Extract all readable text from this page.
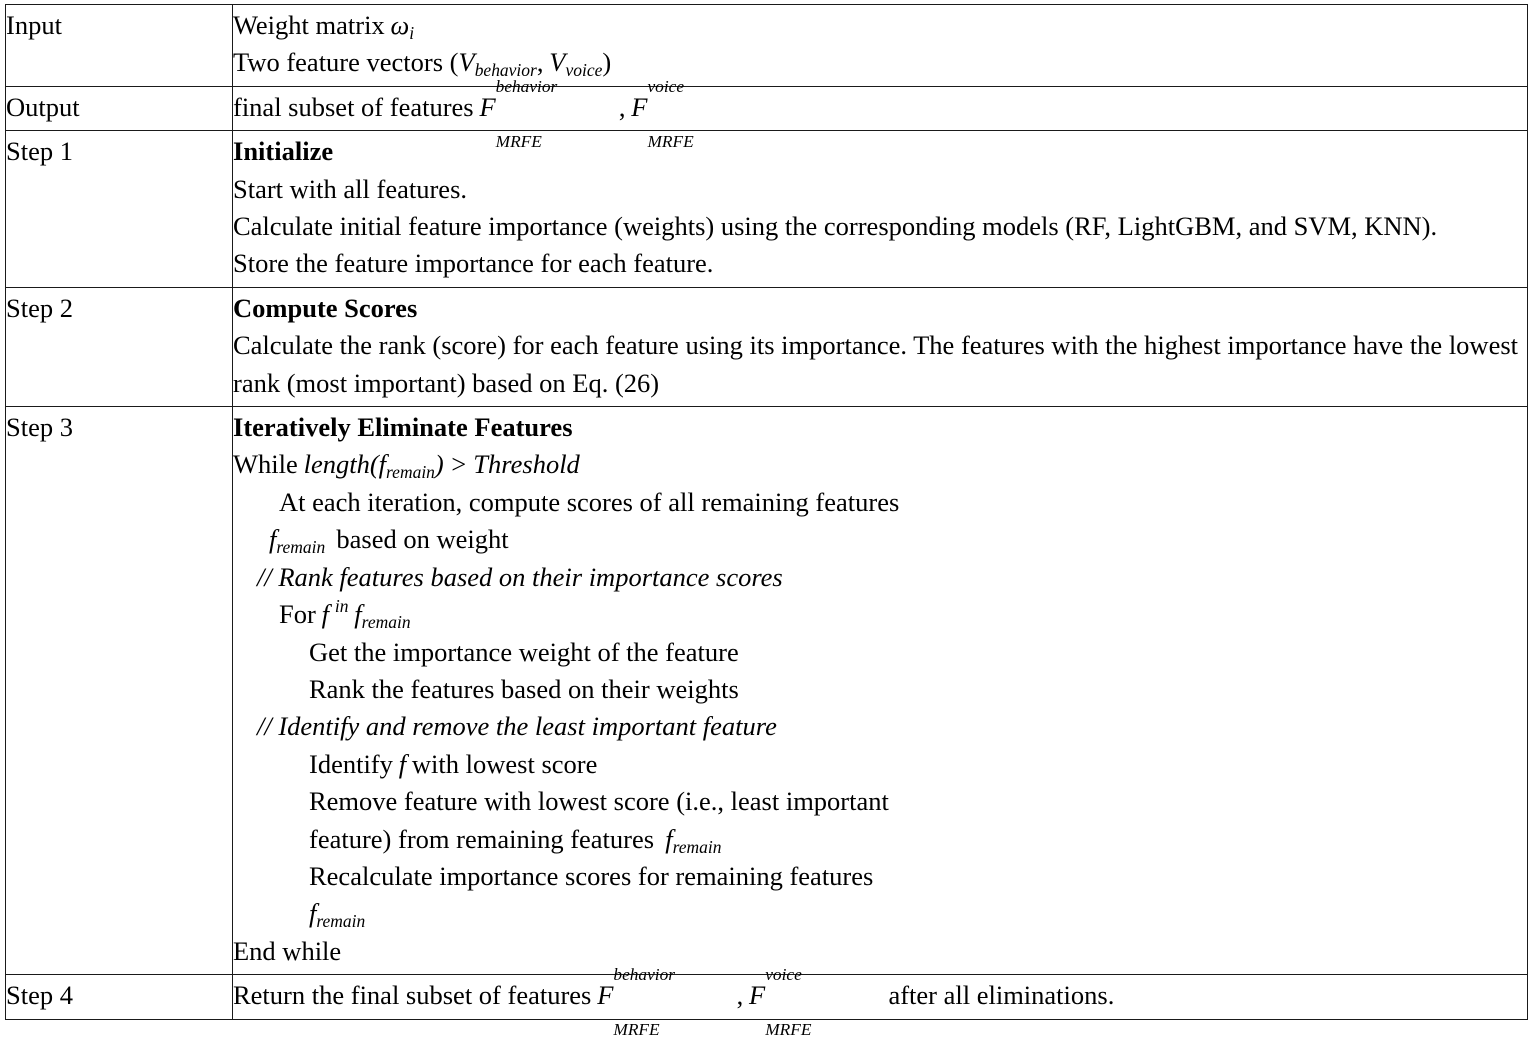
Input	Weight matrix $\omega_i$
Two feature vectors ($V_{behavior}$, $V_{voice}$)

Output	final subset of features F
behavior
MRFE
, F
voice
MRFE

Step 1	Initialize
Start with all features.
Calculate initial feature importance (weights) using the corresponding models (RF, LightGBM, and SVM, KNN).
Store the feature importance for each feature.

Step 2	Compute Scores
Calculate the rank (score) for each feature using its importance. The features with the highest importance have the lowest rank (most important) based on Eq. (26)

Step 3	Iteratively Eliminate Features
While $length(f_{remain})$ > Threshold
At each iteration, compute scores of all remaining features
$f_{remain}$ based on weight
// Rank features based on their importance scores
For f $^{in}$ $f_{remain}$
Get the importance weight of the feature
Rank the features based on their weights
// Identify and remove the least important feature
Identify f with lowest score
Remove feature with lowest score (i.e., least important
feature) from remaining features $f_{remain}$
Recalculate importance scores for remaining features
$f_{remain}$
End while

Step 4	Return the final subset of features F
behavior
MRFE
, F
voice
MRFE
after all eliminations.
